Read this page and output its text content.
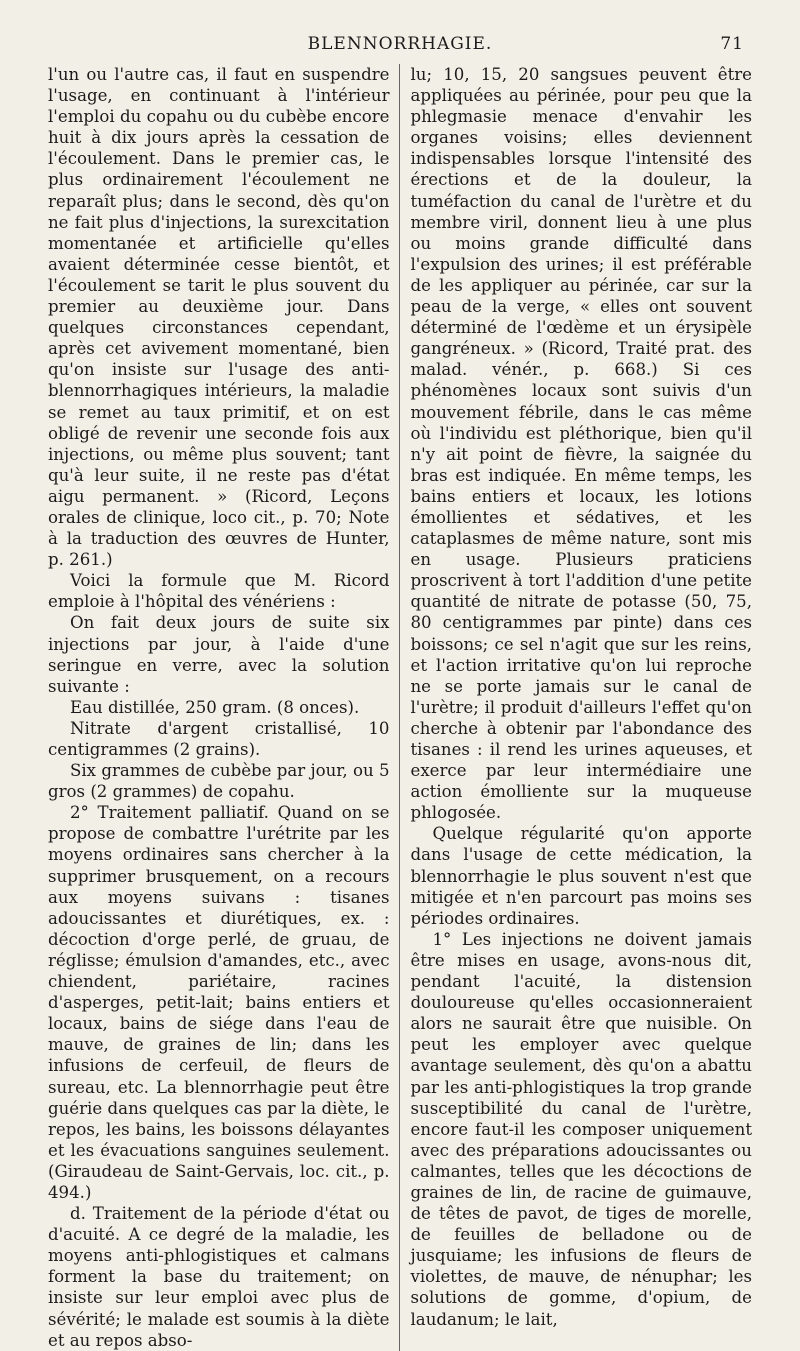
BLENNORRHAGIE.	71

l'un ou l'autre cas, il faut en suspendre l'usage, en continuant à l'intérieur l'emploi du copahu ou du cubèbe encore huit à dix jours après la cessation de l'écoulement. Dans le premier cas, le plus ordinairement l'écoulement ne reparaît plus; dans le second, dès qu'on ne fait plus d'injections, la surexcitation momentanée et artificielle qu'elles avaient déterminée cesse bientôt, et l'écoulement se tarit le plus souvent du premier au deuxième jour. Dans quelques circonstances cependant, après cet avivement momentané, bien qu'on insiste sur l'usage des anti-blennorrhagiques intérieurs, la maladie se remet au taux primitif, et on est obligé de revenir une seconde fois aux injections, ou même plus souvent; tant qu'à leur suite, il ne reste pas d'état aigu permanent. » (Ricord, Leçons orales de clinique, loco cit., p. 70; Note à la traduction des œuvres de Hunter, p. 261.)

Voici la formule que M. Ricord emploie à l'hôpital des vénériens :

On fait deux jours de suite six injections par jour, à l'aide d'une seringue en verre, avec la solution suivante :

Eau distillée, 250 gram. (8 onces).

Nitrate d'argent cristallisé, 10 centigrammes (2 grains).

Six grammes de cubèbe par jour, ou 5 gros (2 grammes) de copahu.

2° Traitement palliatif. Quand on se propose de combattre l'urétrite par les moyens ordinaires sans chercher à la supprimer brusquement, on a recours aux moyens suivans : tisanes adoucissantes et diurétiques, ex. : décoction d'orge perlé, de gruau, de réglisse; émulsion d'amandes, etc., avec chiendent, pariétaire, racines d'asperges, petit-lait; bains entiers et locaux, bains de siége dans l'eau de mauve, de graines de lin; dans les infusions de cerfeuil, de fleurs de sureau, etc. La blennorrhagie peut être guérie dans quelques cas par la diète, le repos, les bains, les boissons délayantes et les évacuations sanguines seulement. (Giraudeau de Saint-Gervais, loc. cit., p. 494.)

d. Traitement de la période d'état ou d'acuité. A ce degré de la maladie, les moyens anti-phlogistiques et calmans forment la base du traitement; on insiste sur leur emploi avec plus de sévérité; le malade est soumis à la diète et au repos abso-

lu; 10, 15, 20 sangsues peuvent être appliquées au périnée, pour peu que la phlegmasie menace d'envahir les organes voisins; elles deviennent indispensables lorsque l'intensité des érections et de la douleur, la tuméfaction du canal de l'urètre et du membre viril, donnent lieu à une plus ou moins grande difficulté dans l'expulsion des urines; il est préférable de les appliquer au périnée, car sur la peau de la verge, « elles ont souvent déterminé de l'œdème et un érysipèle gangréneux. » (Ricord, Traité prat. des malad. vénér., p. 668.) Si ces phénomènes locaux sont suivis d'un mouvement fébrile, dans le cas même où l'individu est pléthorique, bien qu'il n'y ait point de fièvre, la saignée du bras est indiquée. En même temps, les bains entiers et locaux, les lotions émollientes et sédatives, et les cataplasmes de même nature, sont mis en usage. Plusieurs praticiens proscrivent à tort l'addition d'une petite quantité de nitrate de potasse (50, 75, 80 centigrammes par pinte) dans ces boissons; ce sel n'agit que sur les reins, et l'action irritative qu'on lui reproche ne se porte jamais sur le canal de l'urètre; il produit d'ailleurs l'effet qu'on cherche à obtenir par l'abondance des tisanes : il rend les urines aqueuses, et exerce par leur intermédiaire une action émolliente sur la muqueuse phlogosée.

Quelque régularité qu'on apporte dans l'usage de cette médication, la blennorrhagie le plus souvent n'est que mitigée et n'en parcourt pas moins ses périodes ordinaires.

1° Les injections ne doivent jamais être mises en usage, avons-nous dit, pendant l'acuité, la distension douloureuse qu'elles occasionneraient alors ne saurait être que nuisible. On peut les employer avec quelque avantage seulement, dès qu'on a abattu par les anti-phlogistiques la trop grande susceptibilité du canal de l'urètre, encore faut-il les composer uniquement avec des préparations adoucissantes ou calmantes, telles que les décoctions de graines de lin, de racine de guimauve, de têtes de pavot, de tiges de morelle, de feuilles de belladone ou de jusquiame; les infusions de fleurs de violettes, de mauve, de nénuphar; les solutions de gomme, d'opium, de laudanum; le lait,
